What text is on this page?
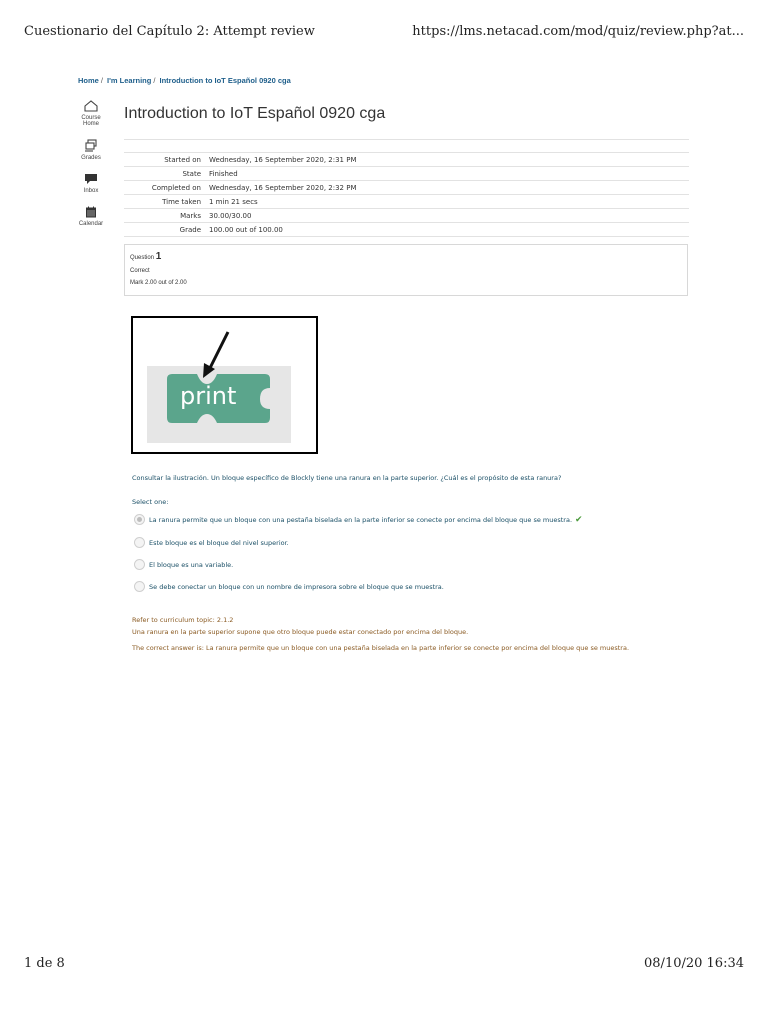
Cuestionario del Capítulo 2: Attempt review	https://lms.netacad.com/mod/quiz/review.php?at...
Home / I'm Learning / Introduction to IoT Español 0920 cga
Course
Home
Grades
Inbox
Calendar
Introduction to IoT Español 0920 cga
Started on	Wednesday, 16 September 2020, 2:31 PM
State	Finished
Completed on	Wednesday, 16 September 2020, 2:32 PM
Time taken	1 min 21 secs
Marks	30.00/30.00
Grade	100.00 out of 100.00
Question 1
Correct
Mark 2.00 out of 2.00
print
Consultar la ilustración. Un bloque específico de Blockly tiene una ranura en la parte superior. ¿Cuál es el propósito de esta ranura?
Select one:
La ranura permite que un bloque con una pestaña biselada en la parte inferior se conecte por encima del bloque que se muestra. ✔
Este bloque es el bloque del nivel superior.
El bloque es una variable.
Se debe conectar un bloque con un nombre de impresora sobre el bloque que se muestra.
Refer to curriculum topic: 2.1.2
Una ranura en la parte superior supone que otro bloque puede estar conectado por encima del bloque.
The correct answer is: La ranura permite que un bloque con una pestaña biselada en la parte inferior se conecte por encima del bloque que se muestra.
1 de 8	08/10/20 16:34
